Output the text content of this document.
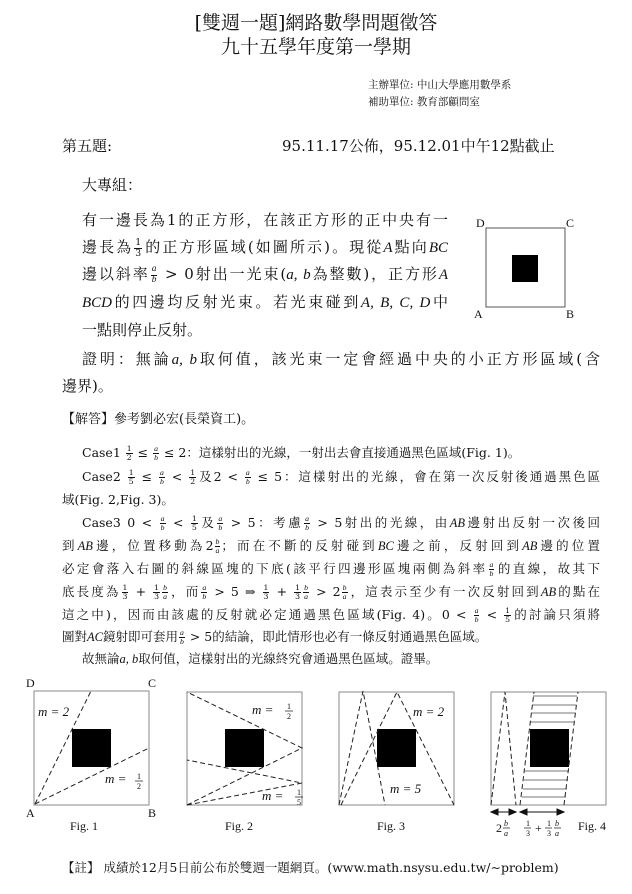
[雙週一題]網路數學問題徵答
九十五學年度第一學期
主辦單位: 中山大學應用數學系
補助單位: 教育部顧問室
第五題:	95.11.17公佈，95.12.01中午12點截止
大專組：
有一邊長為1的正方形，在該正方形的正中央有一
邊長為 $\frac{1}{3}$ 的正方形區域(如圖所示)。現從A點向BC
邊以斜率 $\frac{a}{b} > 0$射出一光束(a, b為整數)，正方形A
BCD的四邊均反射光束。若光束碰到A, B, C, D中
一點則停止反射。
證明：無論a, b取何值，該光束一定會經過中央的小正方形區域(含
邊界)。
【解答】參考劉必宏(長榮資工)。
Case1 $\frac{1}{2} \le \frac{a}{b} \le 2$：這樣射出的光線，一射出去會直接通過黑色區域(Fig. 1)。
Case2 $\frac{1}{5} \le \frac{a}{b} < \frac{1}{2}$ 及$2 < \frac{a}{b} \le 5$：這樣射出的光線，會在第一次反射後通過黑色區
域(Fig. 2,Fig. 3)。
Case3 $0 < \frac{a}{b} < \frac{1}{5}$ 及 $\frac{a}{b} > 5$：考慮 $\frac{a}{b} > 5$射出的光線，由AB邊射出反射一次後回
到AB邊，位置移動為$2 \frac{b}{a}$ ；而在不斷的反射碰到BC邊之前，反射回到AB邊的位置
必定會落入右圖的斜線區塊的下底(該平行四邊形區塊兩側為斜率 $\frac{a}{b}$ 的直線，故其下
底長度為 $\frac{1}{3} + \frac{1}{3} \frac{b}{a}$ ，而 $\frac{a}{b} > 5$ ⇒ $\frac{1}{3} + \frac{1}{3} \frac{b}{a} > 2 \frac{b}{a}$ ，這表示至少有一次反射回到AB的點在
這之中)，因而由該處的反射就必定通過黑色區域(Fig. 4)。$0 < \frac{a}{b} < \frac{1}{5}$ 的討論只須將
圖對AC鏡射即可套用 $\frac{a}{b} > 5$的結論，即此情形也必有一條反射通過黑色區域。
故無論a, b取何值，這樣射出的光線終究會通過黑色區域。證畢。
D	C
A	B
m = 2
m = 1
2
D	C
A	B
Fig. 1
m = 1
2
m = 1
5
Fig. 2
m = 2
m = 5
Fig. 3	2 b
a
1
3 + 1
3
b
a
Fig. 4
【註】 成績於12月5日前公布於雙週一題網頁。(www.math.nsysu.edu.tw/∼problem)
